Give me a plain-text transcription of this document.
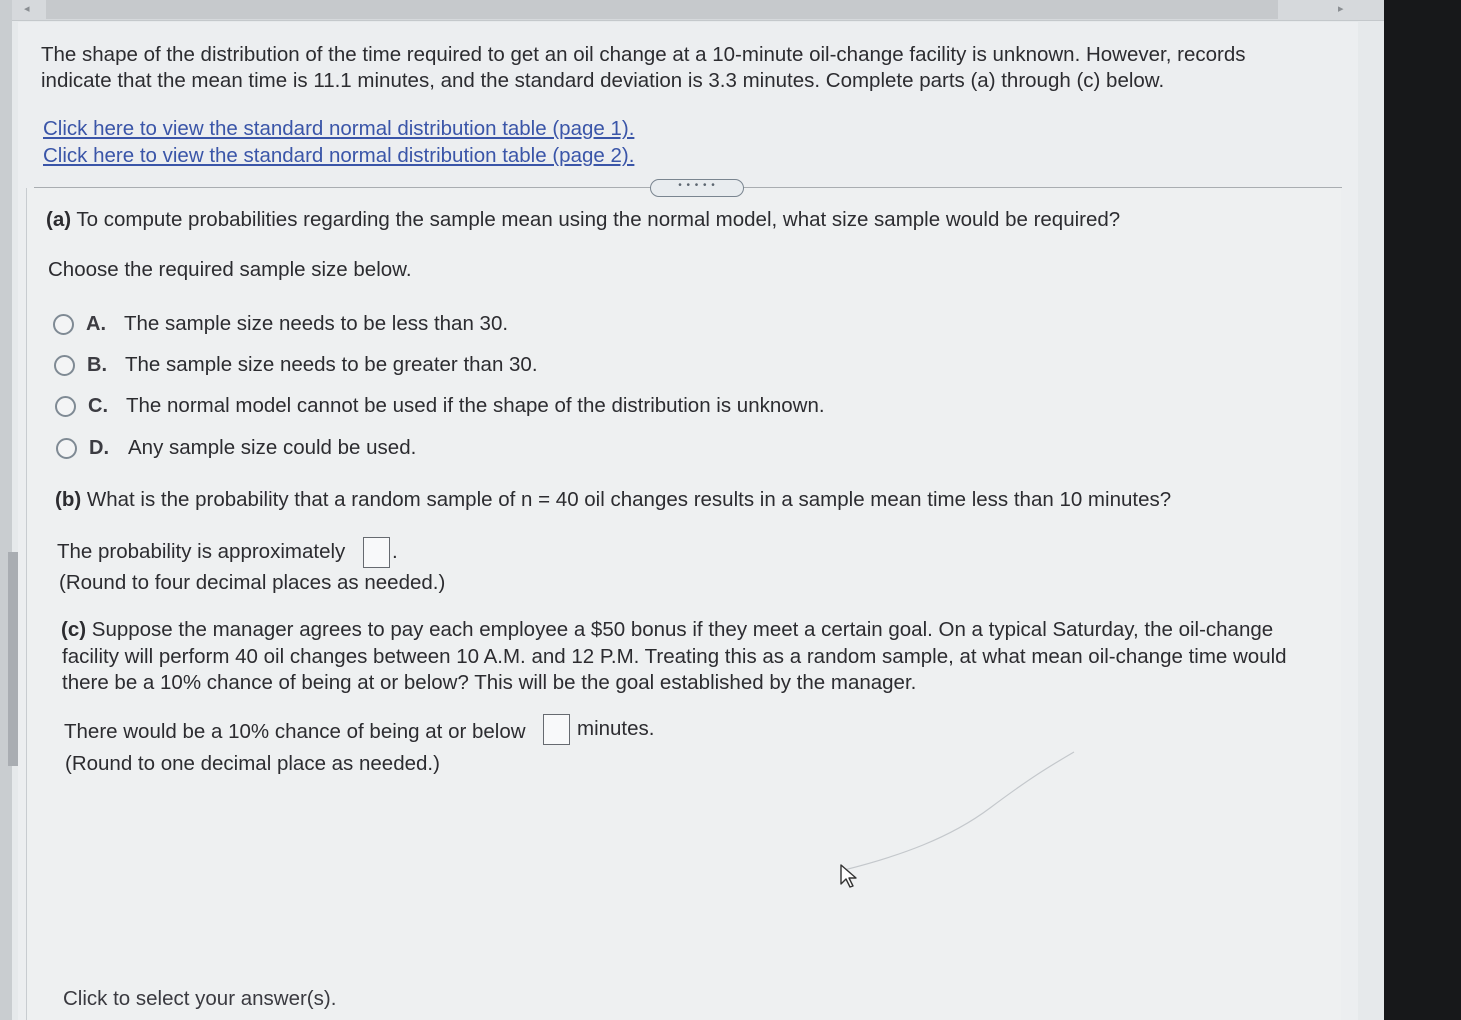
◂	▸
The shape of the distribution of the time required to get an oil change at a 10-minute oil-change facility is unknown. However, records
indicate that the mean time is 11.1 minutes, and the standard deviation is 3.3 minutes. Complete parts (a) through (c) below.
Click here to view the standard normal distribution table (page 1).
Click here to view the standard normal distribution table (page 2).
• • • • •
(a) To compute probabilities regarding the sample mean using the normal model, what size sample would be required?
Choose the required sample size below.
A. The sample size needs to be less than 30.
B. The sample size needs to be greater than 30.
C. The normal model cannot be used if the shape of the distribution is unknown.
D. Any sample size could be used.
(b) What is the probability that a random sample of n = 40 oil changes results in a sample mean time less than 10 minutes?
The probability is approximately .
(Round to four decimal places as needed.)
(c) Suppose the manager agrees to pay each employee a $50 bonus if they meet a certain goal. On a typical Saturday, the oil-change
facility will perform 40 oil changes between 10 A.M. and 12 P.M. Treating this as a random sample, at what mean oil-change time would
there be a 10% chance of being at or below? This will be the goal established by the manager.
There would be a 10% chance of being at or below	minutes.
(Round to one decimal place as needed.)
Click to select your answer(s).
